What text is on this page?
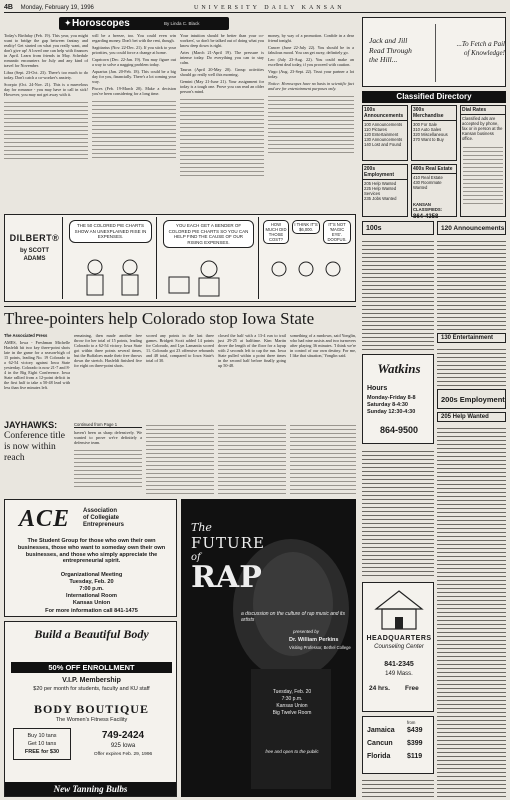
4B Monday, February 19, 1996	UNIVERSITY DAILY KANSAN
Horoscopes	By Linda C. Black
✦

Today's Birthday (Feb. 19). This year, you might want to bridge the gap between fantasy and reality! Get started on what you really want, and don't give up! A loved one can help with finances in April. Learn from friends in May. Schedule romantic encounters for July and any kind of travel for November.

Libra (Sept. 23-Oct. 23). There's too much to do today. Don't catch a co-worker's anxiety.

Scorpio (Oct. 24-Nov. 21). This is a marvelous day for romance - you may have to call in sick! However, you may not get away with it.

will be a breeze, too. You could even win regarding money. Don't bet with the rent, though.

Sagittarius (Nov. 22-Dec. 21). If you stick to your priorities, you could force a change at home.

Capricorn (Dec. 22-Jan. 19). You may figure out a way to solve a nagging problem today.

Aquarius (Jan. 20-Feb. 18). This could be a big day for you, financially. There's a lot coming your way.

Pisces (Feb. 19-March 20). Make a decision you've been considering for a long time.

Your intuition should be better than your co-workers', so don't be talked out of doing what you know deep down is right.

Aries (March 21-April 19). The pressure is intense today. Do everything you can to stay calm.

Taurus (April 20-May 20). Group activities should go really well this morning.

Gemini (May 21-June 21). Your assignment for today is a tough one. Prove you can read an older person's mind.

money, by way of a promotion. Confide in a dear friend tonight.

Cancer (June 22-July 22). You should be in a fabulous mood. You can get away, definitely go.

Leo (July 23-Aug. 22). You could make an excellent deal today, if you proceed with caution.

Virgo (Aug. 23-Sept. 22). Trust your partner a lot today.

Notice: Horoscopes have no basis in scientific fact and are for entertainment purposes only.

DILBERT®
by SCOTT ADAMS
THE 50 COLORED PIE CHARTS SHOW AN UNEXPLAINED RISE IN EXPENSES.
YOU EACH GET A BENDER OF COLORED PIE CHARTS SO YOU CAN HELP FIND THE CAUSE OF OUR RISING EXPENSES.
HOW MUCH DID THOSE COST?
I THINK IT'S $6,000.
IT'S NOT 'MAGIC EYE'. DOOFUS.
Three-pointers help Colorado stop Iowa State
The Associated Press

AMES, Iowa - Freshman Michelle Hasfeldt hit two key three-point shots late in the game for a season-high of 15 points, leading No. 19 Colorado to a 62-54 victory against Iowa State yesterday. Colorado is now 21-7 and 8-4 in the Big Eight Conference. Iowa State rallied from a 12-point deficit in the first half to take a 50-48 lead with less than five minutes left.

remaining, then made another free throw for her total of 15 points, leading Colorado to a 62-54 victory. Iowa State got within three points several times, but the Buffaloes made their free throws down the stretch. Hasfeldt finished five for eight on three-point shots.

scored any points in the last three games. Bridgett Scott added 14 points for Colorado, and Lyn Lamantia scored 11. Colorado got 23 offensive rebounds and 48 total, compared to Iowa State's total of 30.

closed the half with a 13-4 run to trail just 29-25 at halftime. Kim Martin drove the length of the floor for a layup with 2 seconds left to cap the run. Iowa State pulled within a point three times in the second half before finally going up 50-48.

something of a rundown, said Yonglin, who had nine assists and two turnovers after playing 36 minutes. 'I think we're in control of our own destiny. For me, I like that situation,' Yonglin said.

JAYHAWKS:
Conference title is now within reach
Continued from Page 1

haven't been as sharp defensively. We wanted to prove we're definitely a defensive team.

ACE	Association
of Collegiate
Entrepreneurs
The Student Group for those who own their own businesses, those who want to someday own their own businesses, and those who simply appreciate the entrepreneurial spirit.
Organizational Meeting
Tuesday, Feb. 20
7:00 p.m.
International Room
Kansas Union
For more information call 841-1475
Build a Beautiful Body
50% OFF ENROLLMENT
V.I.P. Membership
$20 per month for students, faculty and KU staff
BODY BOUTIQUE
The Women's Fitness Facility
Buy 10 tans
Get 10 tans
FREE for $30
749-2424
925 Iowa
Offer expires Feb. 29, 1996
New Tanning Bulbs
The
FUTURE
of
RAP
a discussion on the culture of rap music and its artists
presented by
Dr. William Perkins
Visiting Professor, Bethel College
Tuesday, Feb. 20
7:30 p.m.
Kansas Union
Big Twelve Room
free and open to the public
Jack and Jill
Read Through
the Hill...
...To Fetch a Pail
of Knowledge!
Classified Directory
100s Announcements
100 Announcements
110 Pictures
120 Entertainment
130 Announcements
140 Lost and Found
300s Merchandise
300 For Sale
310 Auto Sales
320 Miscellaneous
370 Want to Buy
Dial Rates
Classified ads are accepted by phone, fax or in person at the Kansan business office.
200s Employment
205 Help Wanted
225 Help Wanted Services
235 Jobs Wanted
400s Real Estate
410 Real Estate
430 Roommate Wanted
KANSAN CLASSIFIEDS:
864-4358
100s	120 Announcements
130 Entertainment
Watkins
Hours
Monday-Friday 8-8
Saturday 8-4:30
Sunday 12:30-4:30
864-9500
200s Employment
205 Help Wanted
HEADQUARTERS
Counseling Center
841-2345
149 Mass.
24 hrs.	Free
from
Jamaica $439
Cancun $399
Florida $119
